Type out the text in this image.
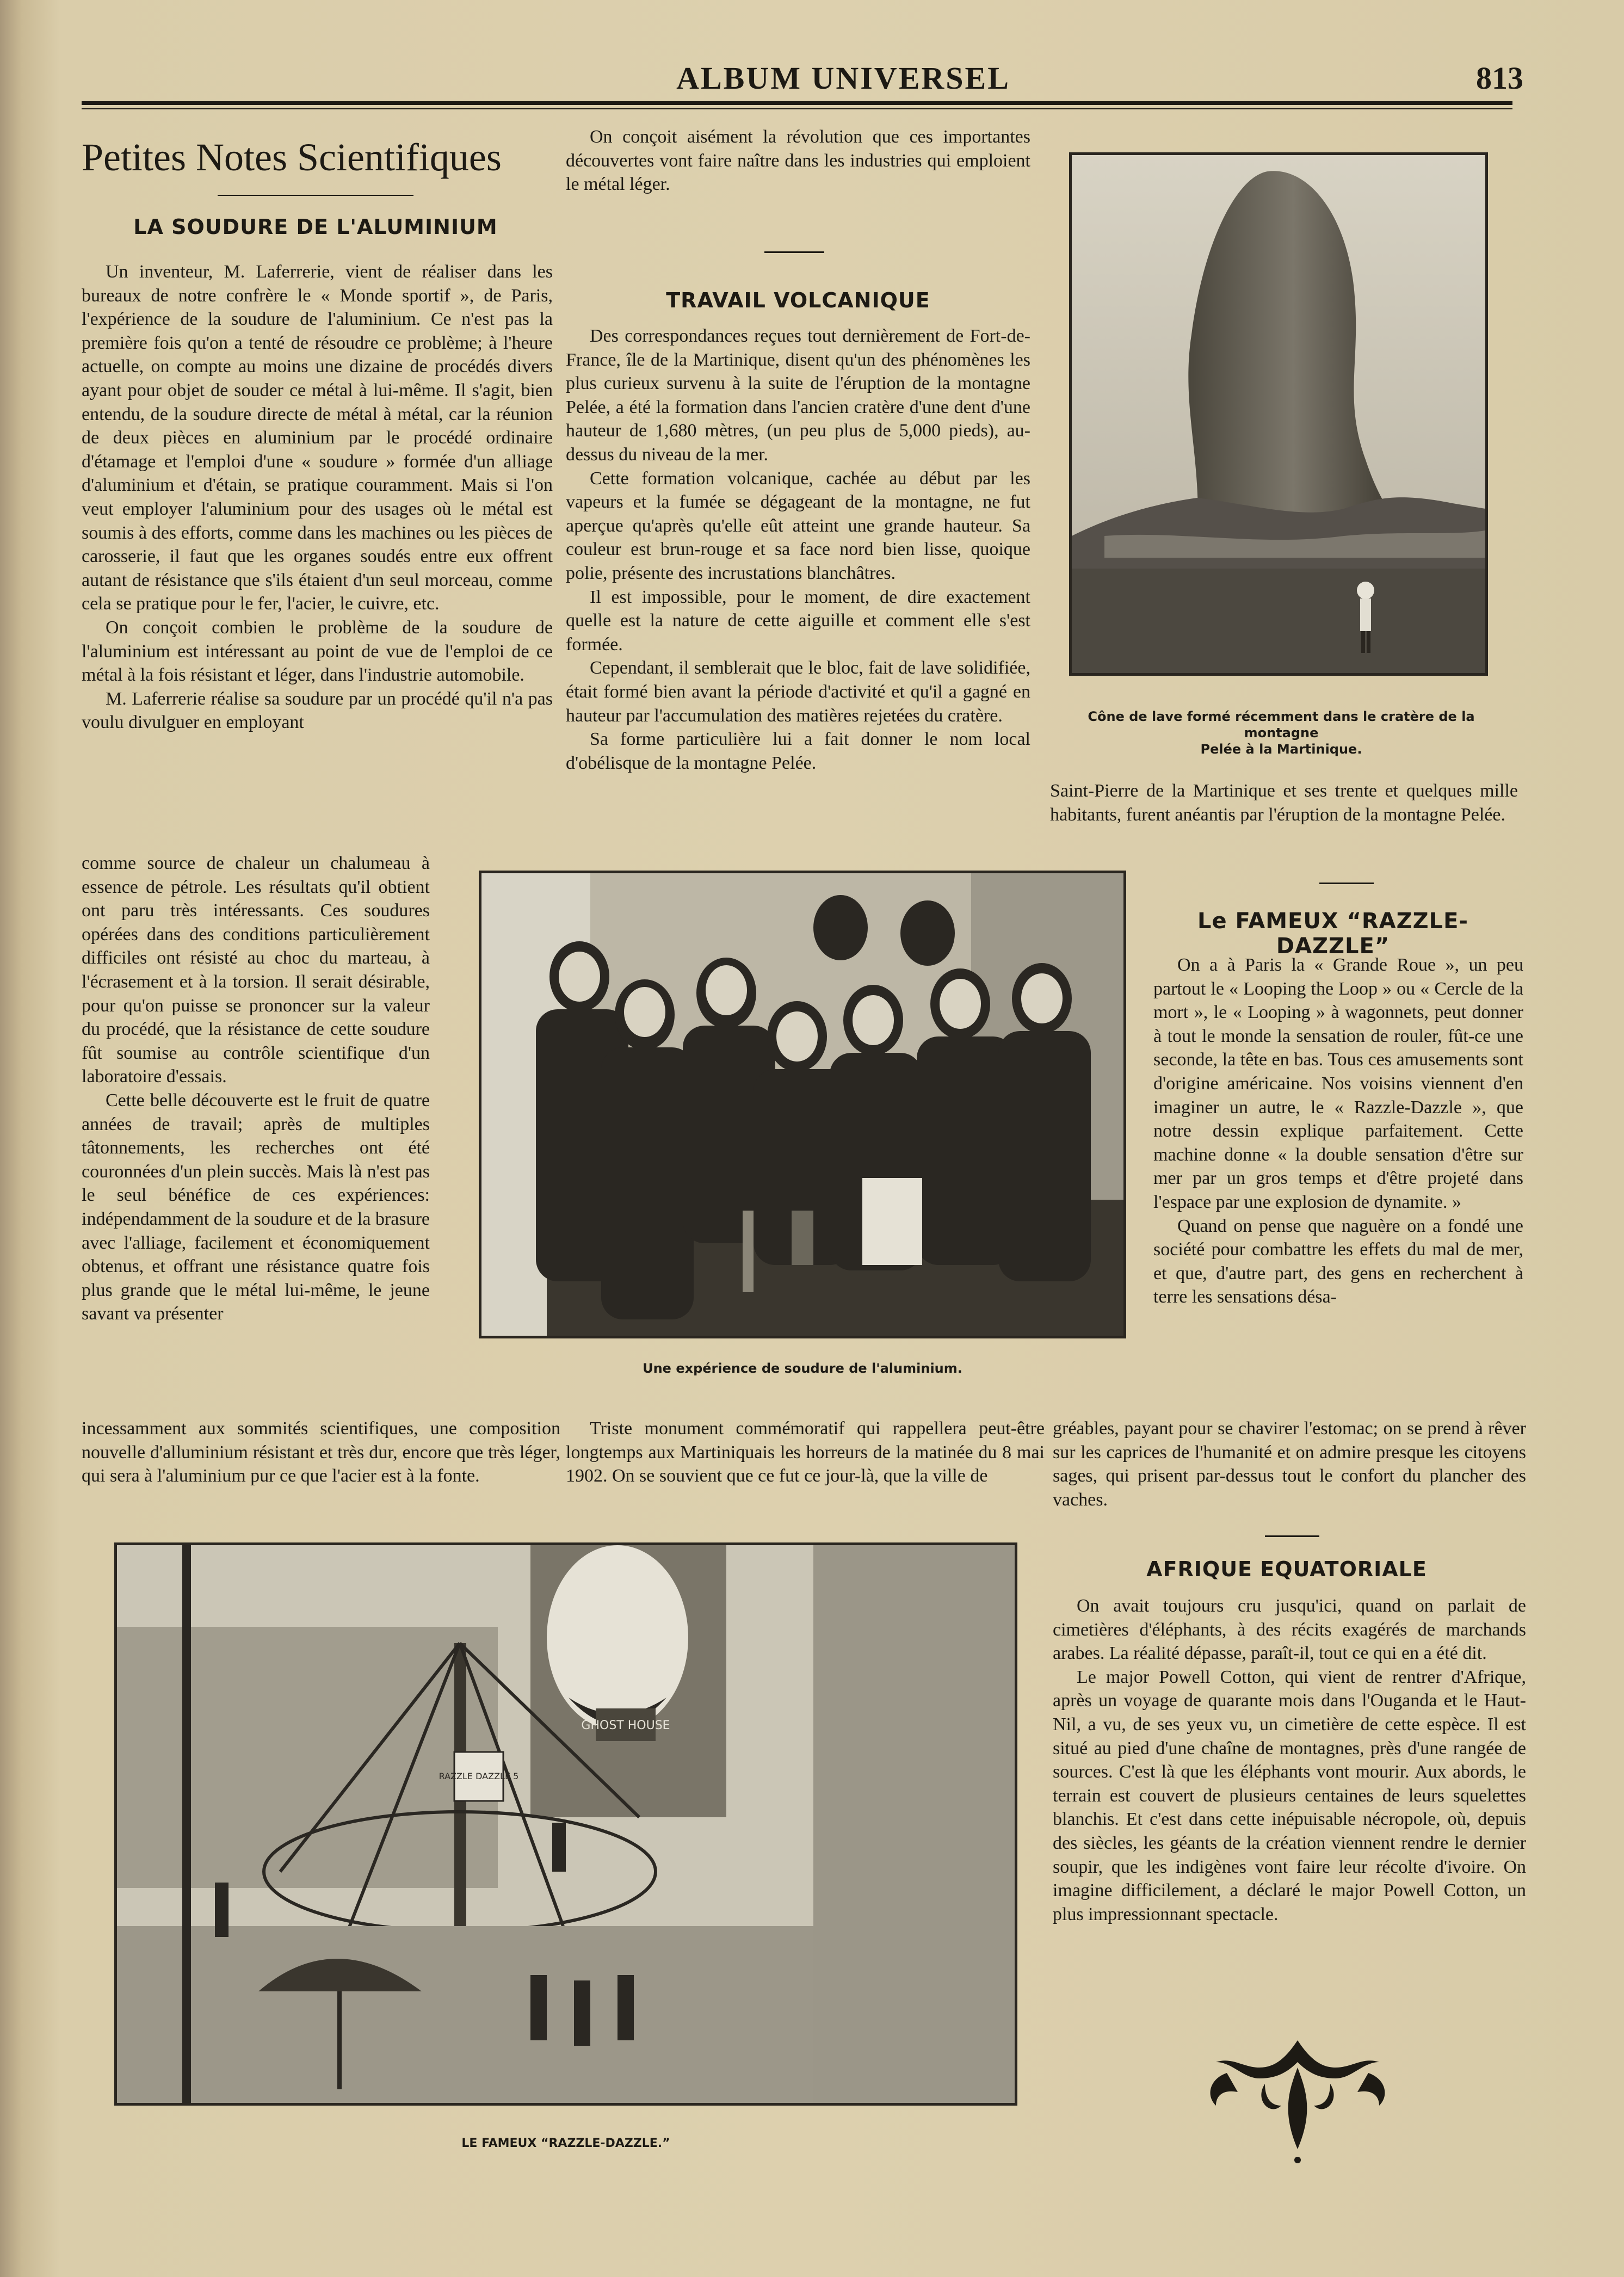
ALBUM UNIVERSEL	813
Petites Notes Scientifiques
LA SOUDURE DE L'ALUMINIUM

Un inventeur, M. Laferrerie, vient de réaliser dans les bureaux de notre confrère le « Monde sportif », de Paris, l'expérience de la soudure de l'aluminium. Ce n'est pas la première fois qu'on a tenté de résoudre ce problème; à l'heure actuelle, on compte au moins une dizaine de procédés divers ayant pour objet de souder ce métal à lui-même. Il s'agit, bien entendu, de la soudure directe de métal à métal, car la réunion de deux pièces en aluminium par le procédé ordinaire d'étamage et l'emploi d'une « soudure » formée d'un alliage d'aluminium et d'étain, se pratique couramment. Mais si l'on veut employer l'aluminium pour des usages où le métal est soumis à des efforts, comme dans les machines ou les pièces de carosserie, il faut que les organes soudés entre eux offrent autant de résistance que s'ils étaient d'un seul morceau, comme cela se pratique pour le fer, l'acier, le cuivre, etc.

On conçoit combien le problème de la soudure de l'aluminium est intéressant au point de vue de l'emploi de ce métal à la fois résistant et léger, dans l'industrie automobile.

M. Laferrerie réalise sa soudure par un procédé qu'il n'a pas voulu divulguer en employant

comme source de chaleur un chalumeau à essence de pétrole. Les résultats qu'il obtient ont paru très intéressants. Ces soudures opérées dans des conditions particulièrement difficiles ont résisté au choc du marteau, à l'écrasement et à la torsion. Il serait désirable, pour qu'on puisse se prononcer sur la valeur du procédé, que la résistance de cette soudure fût soumise au contrôle scientifique d'un laboratoire d'essais.

Cette belle découverte est le fruit de quatre années de travail; après de multiples tâtonnements, les recherches ont été couronnées d'un plein succès. Mais là n'est pas le seul bénéfice de ces expériences: indépendamment de la soudure et de la brasure avec l'alliage, facilement et économiquement obtenus, et offrant une résistance quatre fois plus grande que le métal lui-même, le jeune savant va présenter

incessamment aux sommités scientifiques, une composition nouvelle d'alluminium résistant et très dur, encore que très léger, qui sera à l'aluminium pur ce que l'acier est à la fonte.

On conçoit aisément la révolution que ces importantes découvertes vont faire naître dans les industries qui emploient le métal léger.

TRAVAIL VOLCANIQUE

Des correspondances reçues tout dernièrement de Fort-de-France, île de la Martinique, disent qu'un des phénomènes les plus curieux survenu à la suite de l'éruption de la montagne Pelée, a été la formation dans l'ancien cratère d'une dent d'une hauteur de 1,680 mètres, (un peu plus de 5,000 pieds), au-dessus du niveau de la mer.

Cette formation volcanique, cachée au début par les vapeurs et la fumée se dégageant de la montagne, ne fut aperçue qu'après qu'elle eût atteint une grande hauteur. Sa couleur est brun-rouge et sa face nord bien lisse, quoique polie, présente des incrustations blanchâtres.

Il est impossible, pour le moment, de dire exactement quelle est la nature de cette aiguille et comment elle s'est formée.

Cependant, il semblerait que le bloc, fait de lave solidifiée, était formé bien avant la période d'activité et qu'il a gagné en hauteur par l'accumulation des matières rejetées du cratère.

Sa forme particulière lui a fait donner le nom local d'obélisque de la montagne Pelée.

Triste monument commémoratif qui rappellera peut-être longtemps aux Martiniquais les horreurs de la matinée du 8 mai 1902. On se souvient que ce fut ce jour-là, que la ville de

Cône de lave formé récemment dans le cratère de la montagne
Pelée à la Martinique.

Saint-Pierre de la Martinique et ses trente et quelques mille habitants, furent anéantis par l'éruption de la montagne Pelée.

Une expérience de soudure de l'aluminium.
Le FAMEUX “RAZZLE-DAZZLE”

On a à Paris la « Grande Roue », un peu partout le « Looping the Loop » ou « Cercle de la mort », le « Looping » à wagonnets, peut donner à tout le monde la sensation de rouler, fût-ce une seconde, la tête en bas. Tous ces amusements sont d'origine américaine. Nos voisins viennent d'en imaginer un autre, le « Razzle-Dazzle », que notre dessin explique parfaitement. Cette machine donne « la double sensation d'être sur mer par un gros temps et d'être projeté dans l'espace par une explosion de dynamite. »

Quand on pense que naguère on a fondé une société pour combattre les effets du mal de mer, et que, d'autre part, des gens en recherchent à terre les sensations désa-

gréables, payant pour se chavirer l'estomac; on se prend à rêver sur les caprices de l'humanité et on admire presque les citoyens sages, qui prisent par-dessus tout le confort du plancher des vaches.

GHOST HOUSE
RAZZLE DAZZLE 5
LE FAMEUX “RAZZLE-DAZZLE.”
AFRIQUE EQUATORIALE

On avait toujours cru jusqu'ici, quand on parlait de cimetières d'éléphants, à des récits exagérés de marchands arabes. La réalité dépasse, paraît-il, tout ce qui en a été dit.

Le major Powell Cotton, qui vient de rentrer d'Afrique, après un voyage de quarante mois dans l'Ouganda et le Haut-Nil, a vu, de ses yeux vu, un cimetière de cette espèce. Il est situé au pied d'une chaîne de montagnes, près d'une rangée de sources. C'est là que les éléphants vont mourir. Aux abords, le terrain est couvert de plusieurs centaines de leurs squelettes blanchis. Et c'est dans cette inépuisable nécropole, où, depuis des siècles, les géants de la création viennent rendre le dernier soupir, que les indigènes vont faire leur récolte d'ivoire. On imagine difficilement, a déclaré le major Powell Cotton, un plus impressionnant spectacle.
